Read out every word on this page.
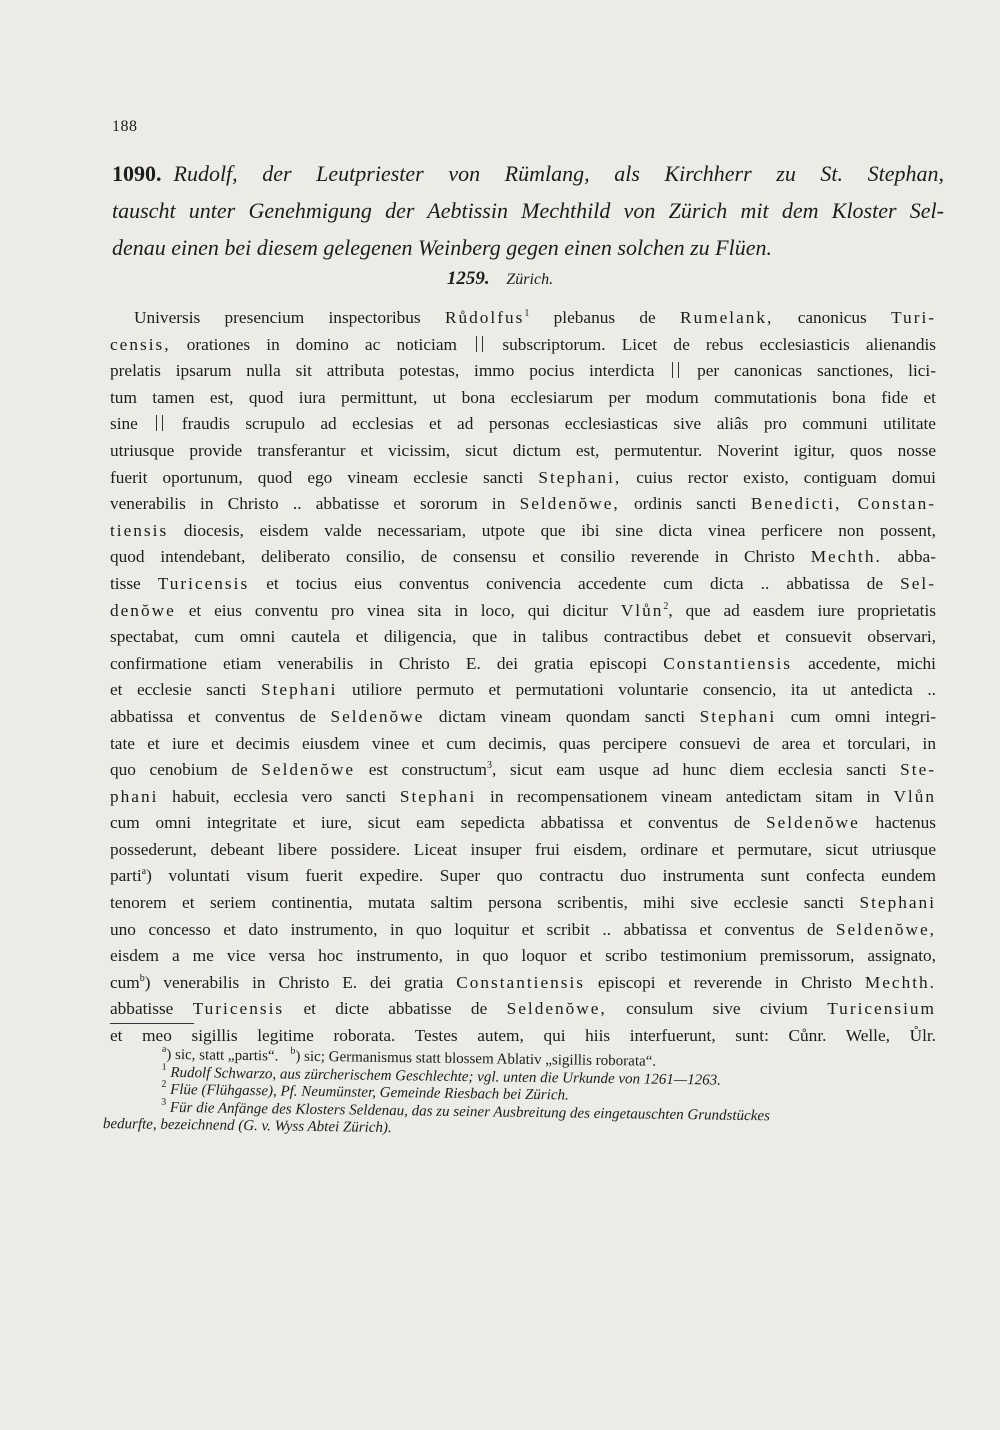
188
1090. Rudolf, der Leutpriester von Rümlang, als Kirchherr zu St. Stephan,
tauscht unter Genehmigung der Aebtissin Mechthild von Zürich mit dem Kloster Sel-
denau einen bei diesem gelegenen Weinberg gegen einen solchen zu Flüen.
1259. Zürich.
Universis presencium inspectoribus Růdolfus$^1$ plebanus de Rumelank, canonicus Turi-
censis, orationes in domino ac noticiam	subscriptorum. Licet de rebus ecclesiasticis alienandis
prelatis ipsarum nulla sit attributa potestas, immo pocius interdicta per canonicas sanctiones, lici-
tum tamen est, quod iura permittunt, ut bona ecclesiarum per modum commutationis bona fide et
sine	fraudis scrupulo ad ecclesias et ad personas ecclesiasticas sive aliâs pro communi utilitate
utriusque provide transferantur et vicissim, sicut dictum est, permutentur. Noverint igitur, quos nosse
fuerit oportunum, quod ego vineam ecclesie sancti Stephani, cuius rector existo, contiguam domui
venerabilis in Christo .. abbatisse et sororum in Seldenŏwe, ordinis sancti Benedicti, Constan-
tiensis diocesis, eisdem valde necessariam, utpote que ibi sine dicta vinea perficere non possent,
quod intendebant, deliberato consilio, de consensu et consilio reverende in Christo Mechth. abba-
tisse Turicensis et tocius eius conventus conivencia accedente cum dicta .. abbatissa de Sel-
denŏwe et eius conventu pro vinea sita in loco, qui dicitur Vlůn$^2$, que ad easdem iure proprietatis
spectabat, cum omni cautela et diligencia, que in talibus contractibus debet et consuevit observari,
confirmatione etiam venerabilis in Christo E. dei gratia episcopi Constantiensis accedente, michi
et ecclesie sancti Stephani utiliore permuto et permutationi voluntarie consencio, ita ut antedicta ..
abbatissa et conventus de Seldenŏwe dictam vineam quondam sancti Stephani cum omni integri-
tate et iure et decimis eiusdem vinee et cum decimis, quas percipere consuevi de area et torculari, in
quo cenobium de Seldenŏwe est constructum$^3$, sicut eam usque ad hunc diem ecclesia sancti Ste-
phani habuit, ecclesia vero sancti Stephani in recompensationem vineam antedictam sitam in Vlůn
cum omni integritate et iure, sicut eam sepedicta abbatissa et conventus de Seldenŏwe hactenus
possederunt, debeant libere possidere. Liceat insuper frui eisdem, ordinare et permutare, sicut utriusque
parti$^a$) voluntati visum fuerit expedire. Super quo contractu duo instrumenta sunt confecta eundem
tenorem et seriem continentia, mutata saltim persona scribentis, mihi sive ecclesie sancti Stephani
uno concesso et dato instrumento, in quo loquitur et scribit .. abbatissa et conventus de Seldenŏwe,
eisdem a me vice versa hoc instrumento, in quo loquor et scribo testimonium premissorum, assignato,
cum$^b$) venerabilis in Christo E. dei gratia Constantiensis episcopi et reverende in Christo Mechth.
abbatisse Turicensis et dicte abbatisse de Seldenŏwe, consulum sive civium Turicensium
et meo sigillis legitime roborata. Testes autem, qui hiis interfuerunt, sunt: Cůnr. Welle, Ůlr.
$^a$) sic, statt „partis“. $^b$) sic; Germanismus statt blossem Ablativ „sigillis roborata“.
$^1$ Rudolf Schwarzo, aus zürcherischem Geschlechte; vgl. unten die Urkunde von 1261—1263.
$^2$ Flüe (Flühgasse), Pf. Neumünster, Gemeinde Riesbach bei Zürich.
$^3$ Für die Anfänge des Klosters Seldenau, das zu seiner Ausbreitung des eingetauschten Grundstückes
bedurfte, bezeichnend (G. v. Wyss Abtei Zürich).
